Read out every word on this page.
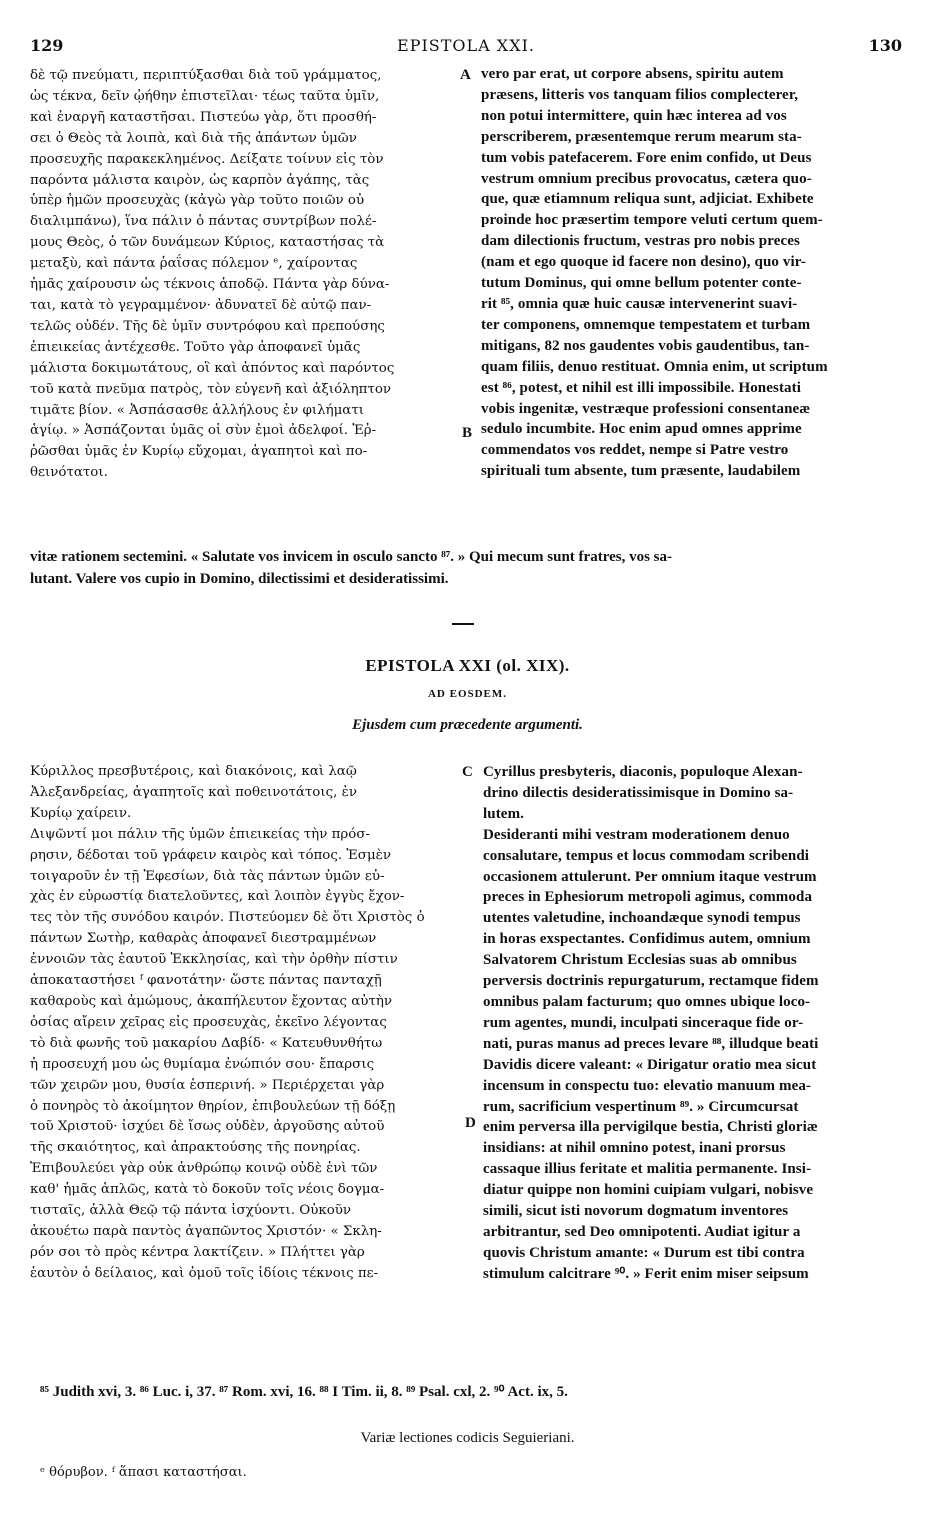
129	EPISTOLA XXI.	130
δὲ τῷ πνεύματι, περιπτύξασθαι διὰ τοῦ γράμματος,
ὡς τέκνα, δεῖν ᾠήθην ἐπιστεῖλαι· τέως ταῦτα ὑμῖν,
καὶ ἐναργῆ καταστῆσαι. Πιστεύω γὰρ, ὅτι προσθή-
σει ὁ Θεὸς τὰ λοιπὰ, καὶ διὰ τῆς ἁπάντων ὑμῶν
προσευχῆς παρακεκλημένος. Δείξατε τοίνυν εἰς τὸν
παρόντα μάλιστα καιρὸν, ὡς καρπὸν ἀγάπης, τὰς
ὑπὲρ ἡμῶν προσευχὰς (κἀγὼ γὰρ τοῦτο ποιῶν οὐ
διαλιμπάνω), ἵνα πάλιν ὁ πάντας συντρίβων πολέ-
μους Θεὸς, ὁ τῶν δυνάμεων Κύριος, καταστήσας τὰ
μεταξὺ, καὶ πάντα ῥαΐσας πόλεμον ᵉ, χαίροντας
ἡμᾶς χαίρουσιν ὡς τέκνοις ἀποδῷ. Πάντα γὰρ δύνα-
ται, κατὰ τὸ γεγραμμένον· ἀδυνατεῖ δὲ αὐτῷ παν-
τελῶς οὐδέν. Τῆς δὲ ὑμῖν συντρόφου καὶ πρεπούσης
ἐπιεικείας ἀντέχεσθε. Τοῦτο γὰρ ἀποφανεῖ ὑμᾶς
μάλιστα δοκιμωτάτους, οἳ καὶ ἀπόντος καὶ παρόντος
τοῦ κατὰ πνεῦμα πατρὸς, τὸν εὐγενῆ καὶ ἀξιόληπτον
τιμᾶτε βίον. « Ἀσπάσασθε ἀλλήλους ἐν φιλήματι
ἁγίῳ. » Ἀσπάζονται ὑμᾶς οἱ σὺν ἐμοὶ ἀδελφοί. Ἐῤ-
ῥῶσθαι ὑμᾶς ἐν Κυρίῳ εὔχομαι, ἀγαπητοὶ καὶ πο-
θεινότατοι.
vero par erat, ut corpore absens, spiritu autem
præsens, litteris vos tanquam filios complecterer,
non potui intermittere, quin hæc interea ad vos
perscriberem, præsentemque rerum mearum sta-
tum vobis patefacerem. Fore enim confido, ut Deus
vestrum omnium precibus provocatus, cætera quo-
que, quæ etiamnum reliqua sunt, adjiciat. Exhibete
proinde hoc præsertim tempore veluti certum quem-
dam dilectionis fructum, vestras pro nobis preces
(nam et ego quoque id facere non desino), quo vir-
tutum Dominus, qui omne bellum potenter conte-
rit ⁸⁵, omnia quæ huic causæ intervenerint suavi-
ter componens, omnemque tempestatem et turbam
mitigans, 82 nos gaudentes vobis gaudentibus, tan-
quam filiis, denuo restituat. Omnia enim, ut scriptum
est ⁸⁶, potest, et nihil est illi impossibile. Honestati
vobis ingenitæ, vestræque professioni consentaneæ
sedulo incumbite. Hoc enim apud omnes apprime
commendatos vos reddet, nempe si Patre vestro
spirituali tum absente, tum præsente, laudabilem
A
B
vitæ rationem sectemini. « Salutate vos invicem in osculo sancto ⁸⁷. » Qui mecum sunt fratres, vos sa-
lutant. Valere vos cupio in Domino, dilectissimi et desideratissimi.
EPISTOLA XXI (ol. XIX).
AD EOSDEM.
Ejusdem cum præcedente argumenti.
Κύριλλος πρεσβυτέροις, καὶ διακόνοις, καὶ λαῷ
Ἀλεξανδρείας, ἀγαπητοῖς καὶ ποθεινοτάτοις, ἐν
Κυρίῳ χαίρειν.
Διψῶντί μοι πάλιν τῆς ὑμῶν ἐπιεικείας τὴν πρόσ-
ρησιν, δέδοται τοῦ γράφειν καιρὸς καὶ τόπος. Ἐσμὲν
τοιγαροῦν ἐν τῇ Ἐφεσίων, διὰ τὰς πάντων ὑμῶν εὐ-
χὰς ἐν εὐρωστίᾳ διατελοῦντες, καὶ λοιπὸν ἐγγὺς ἔχον-
τες τὸν τῆς συνόδου καιρόν. Πιστεύομεν δὲ ὅτι Χριστὸς ὁ
πάντων Σωτὴρ, καθαρὰς ἀποφανεῖ διεστραμμένων
ἐννοιῶν τὰς ἑαυτοῦ Ἐκκλησίας, καὶ τὴν ὀρθὴν πίστιν
ἀποκαταστήσει ᶠ φανοτάτην· ὥστε πάντας πανταχῇ
καθαροὺς καὶ ἀμώμους, ἀκαπήλευτον ἔχοντας αὐτὴν
ὁσίας αἴρειν χεῖρας εἰς προσευχὰς, ἐκεῖνο λέγοντας
τὸ διὰ φωνῆς τοῦ μακαρίου Δαβίδ· « Κατευθυνθήτω
ἡ προσευχή μου ὡς θυμίαμα ἐνώπιόν σου· ἔπαρσις
τῶν χειρῶν μου, θυσία ἑσπερινή. » Περιέρχεται γὰρ
ὁ πονηρὸς τὸ ἀκοίμητον θηρίον, ἐπιβουλεύων τῇ δόξῃ
τοῦ Χριστοῦ· ἰσχύει δὲ ἴσως οὐδὲν, ἀργοῦσης αὐτοῦ
τῆς σκαιότητος, καὶ ἀπρακτούσης τῆς πονηρίας.
Ἐπιβουλεύει γὰρ οὐκ ἀνθρώπῳ κοινῷ οὐδὲ ἑνὶ τῶν
καθ' ἡμᾶς ἁπλῶς, κατὰ τὸ δοκοῦν τοῖς νέοις δογμα-
τισταῖς, ἀλλὰ Θεῷ τῷ πάντα ἰσχύοντι. Οὐκοῦν
ἀκουέτω παρὰ παντὸς ἀγαπῶντος Χριστόν· « Σκλη-
ρόν σοι τὸ πρὸς κέντρα λακτίζειν. » Πλήττει γὰρ
ἑαυτὸν ὁ δείλαιος, καὶ ὁμοῦ τοῖς ἰδίοις τέκνοις πε-
Cyrillus presbyteris, diaconis, populoque Alexan-
drino dilectis desideratissimisque in Domino sa-
lutem.
Desideranti mihi vestram moderationem denuo
consalutare, tempus et locus commodam scribendi
occasionem attulerunt. Per omnium itaque vestrum
preces in Ephesiorum metropoli agimus, commoda
utentes valetudine, inchoandæque synodi tempus
in horas exspectantes. Confidimus autem, omnium
Salvatorem Christum Ecclesias suas ab omnibus
perversis doctrinis repurgaturum, rectamque fidem
omnibus palam facturum; quo omnes ubique loco-
rum agentes, mundi, inculpati sinceraque fide or-
nati, puras manus ad preces levare ⁸⁸, illudque beati
Davidis dicere valeant: « Dirigatur oratio mea sicut
incensum in conspectu tuo: elevatio manuum mea-
rum, sacrificium vespertinum ⁸⁹. » Circumcursat
enim perversa illa pervigilque bestia, Christi gloriæ
insidians: at nihil omnino potest, inani prorsus
cassaque illius feritate et malitia permanente. Insi-
diatur quippe non homini cuipiam vulgari, nobisve
simili, sicut isti novorum dogmatum inventores
arbitrantur, sed Deo omnipotenti. Audiat igitur a
quovis Christum amante: « Durum est tibi contra
stimulum calcitrare ⁹⁰. » Ferit enim miser seipsum
C
D
⁸⁵ Judith xvi, 3. ⁸⁶ Luc. i, 37. ⁸⁷ Rom. xvi, 16. ⁸⁸ I Tim. ii, 8. ⁸⁹ Psal. cxl, 2. ⁹⁰ Act. ix, 5.
Variæ lectiones codicis Seguieriani.
ᵉ θόρυβον. ᶠ ἅπασι καταστήσαι.
